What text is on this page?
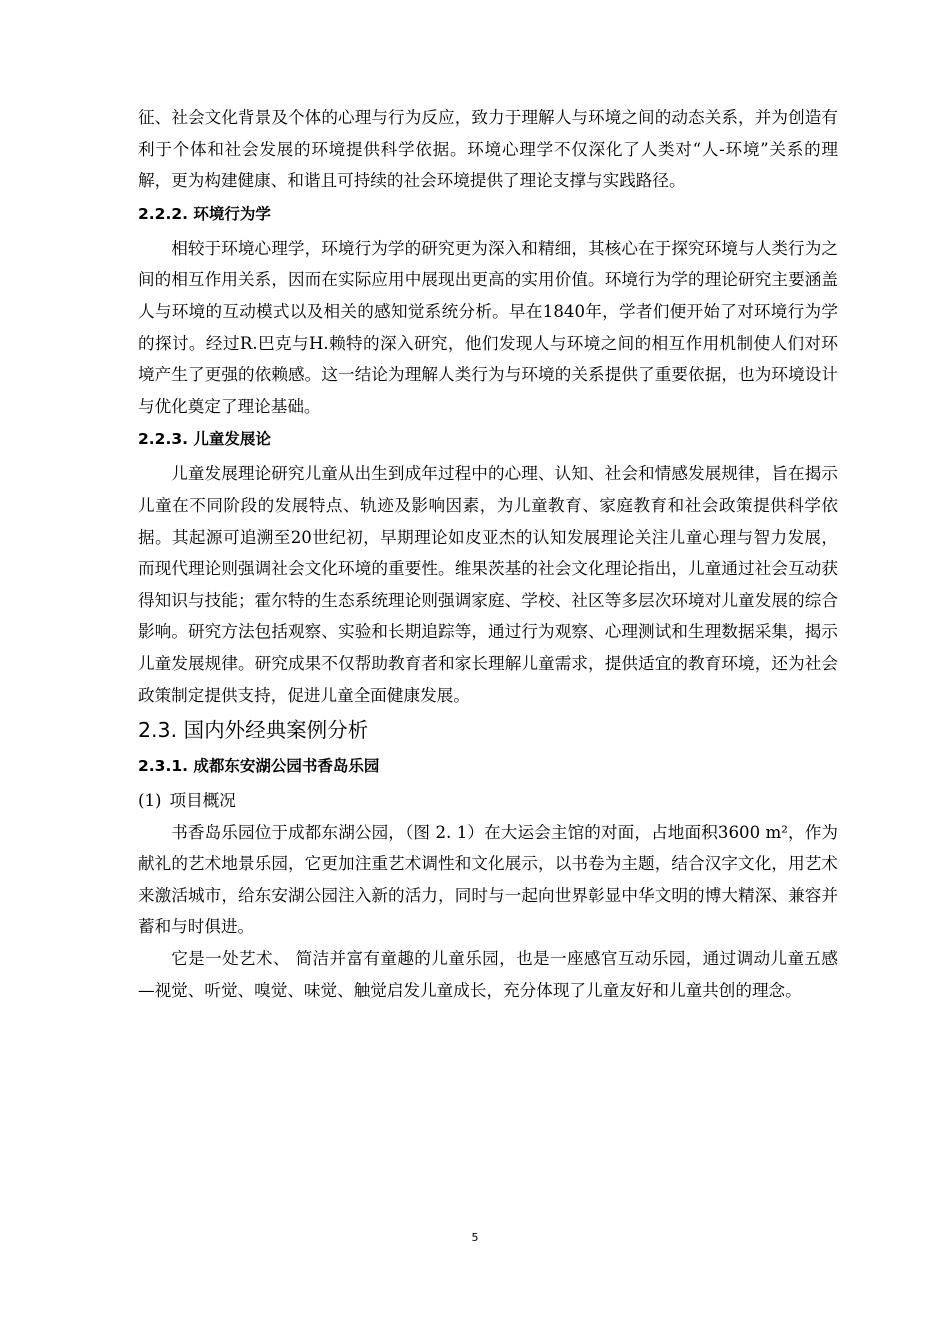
征、社会文化背景及个体的心理与行为反应，致力于理解人与环境之间的动态关系，并为创造有利于个体和社会发展的环境提供科学依据。环境心理学不仅深化了人类对“人-环境”关系的理解，更为构建健康、和谐且可持续的社会环境提供了理论支撑与实践路径。

2.2.2. 环境行为学

相较于环境心理学，环境行为学的研究更为深入和精细，其核心在于探究环境与人类行为之间的相互作用关系，因而在实际应用中展现出更高的实用价值。环境行为学的理论研究主要涵盖人与环境的互动模式以及相关的感知觉系统分析。早在1840年，学者们便开始了对环境行为学的探讨。经过R.巴克与H.赖特的深入研究，他们发现人与环境之间的相互作用机制使人们对环境产生了更强的依赖感。这一结论为理解人类行为与环境的关系提供了重要依据，也为环境设计与优化奠定了理论基础。

2.2.3. 儿童发展论

儿童发展理论研究儿童从出生到成年过程中的心理、认知、社会和情感发展规律，旨在揭示儿童在不同阶段的发展特点、轨迹及影响因素，为儿童教育、家庭教育和社会政策提供科学依据。其起源可追溯至20世纪初，早期理论如皮亚杰的认知发展理论关注儿童心理与智力发展，而现代理论则强调社会文化环境的重要性。维果茨基的社会文化理论指出，儿童通过社会互动获得知识与技能；霍尔特的生态系统理论则强调家庭、学校、社区等多层次环境对儿童发展的综合影响。研究方法包括观察、实验和长期追踪等，通过行为观察、心理测试和生理数据采集，揭示儿童发展规律。研究成果不仅帮助教育者和家长理解儿童需求，提供适宜的教育环境，还为社会政策制定提供支持，促进儿童全面健康发展。

2.3. 国内外经典案例分析
2.3.1. 成都东安湖公园书香岛乐园
(1) 项目概况

书香岛乐园位于成都东湖公园，（图 2. 1）在大运会主馆的对面，占地面积3600 m²，作为献礼的艺术地景乐园，它更加注重艺术调性和文化展示，以书卷为主题，结合汉字文化，用艺术来激活城市，给东安湖公园注入新的活力，同时与一起向世界彰显中华文明的博大精深、兼容并蓄和与时俱进。

它是一处艺术、 简洁并富有童趣的儿童乐园，也是一座感官互动乐园，通过调动儿童五感—视觉、听觉、嗅觉、味觉、触觉启发儿童成长，充分体现了儿童友好和儿童共创的理念。

5
